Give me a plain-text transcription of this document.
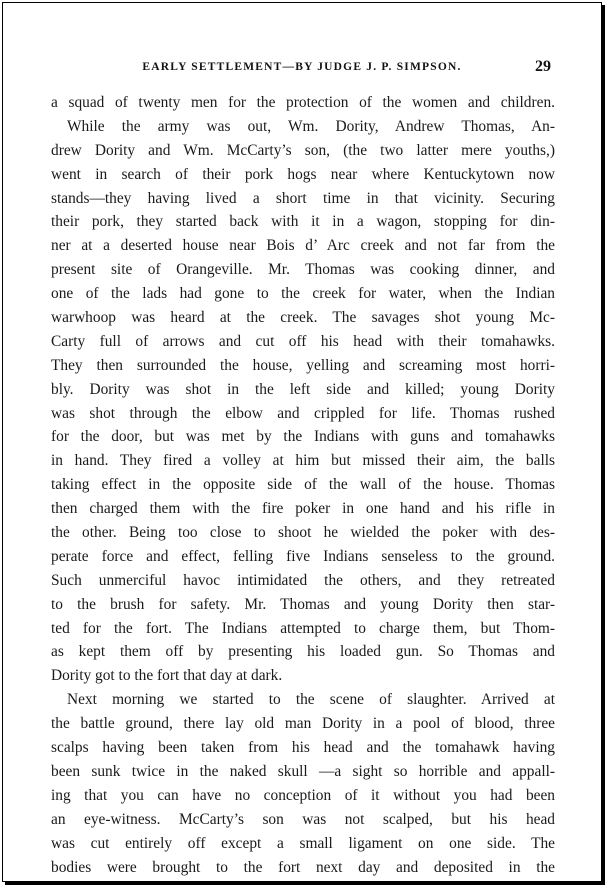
EARLY SETTLEMENT—BY JUDGE J. P. SIMPSON.	29
a squad of twenty men for the protection of the women and children.
While the army was out, Wm. Dority, Andrew Thomas, An-
drew Dority and Wm. McCarty’s son, (the two latter mere youths,)
went in search of their pork hogs near where Kentuckytown now
stands—they having lived a short time in that vicinity. Securing
their pork, they started back with it in a wagon, stopping for din-
ner at a deserted house near Bois d’ Arc creek and not far from the
present site of Orangeville. Mr. Thomas was cooking dinner, and
one of the lads had gone to the creek for water, when the Indian
warwhoop was heard at the creek. The savages shot young Mc-
Carty full of arrows and cut off his head with their tomahawks.
They then surrounded the house, yelling and screaming most horri-
bly. Dority was shot in the left side and killed; young Dority
was shot through the elbow and crippled for life. Thomas rushed
for the door, but was met by the Indians with guns and tomahawks
in hand. They fired a volley at him but missed their aim, the balls
taking effect in the opposite side of the wall of the house. Thomas
then charged them with the fire poker in one hand and his rifle in
the other. Being too close to shoot he wielded the poker with des-
perate force and effect, felling five Indians senseless to the ground.
Such unmerciful havoc intimidated the others, and they retreated
to the brush for safety. Mr. Thomas and young Dority then star-
ted for the fort. The Indians attempted to charge them, but Thom-
as kept them off by presenting his loaded gun. So Thomas and
Dority got to the fort that day at dark.
Next morning we started to the scene of slaughter. Arrived at
the battle ground, there lay old man Dority in a pool of blood, three
scalps having been taken from his head and the tomahawk having
been sunk twice in the naked skull —a sight so horrible and appall-
ing that you can have no conception of it without you had been
an eye-witness. McCarty’s son was not scalped, but his head
was cut entirely off except a small ligament on one side. The
bodies were brought to the fort next day and deposited in the
